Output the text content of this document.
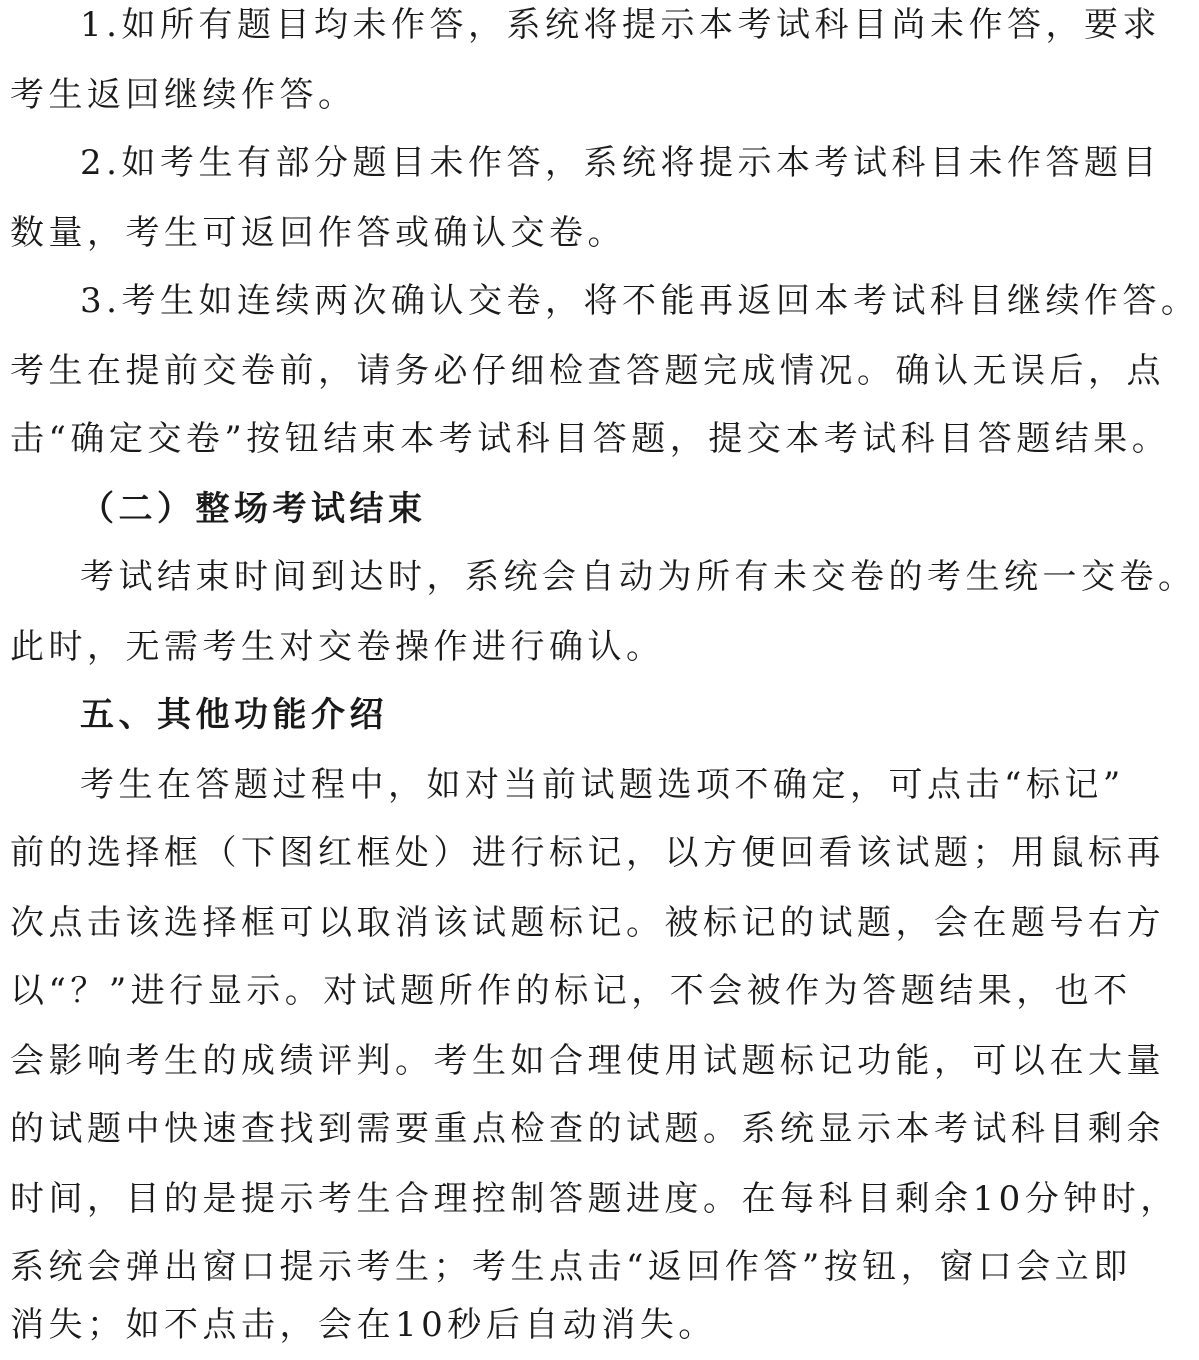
1.如所有题目均未作答，系统将提示本考试科目尚未作答，要求
考生返回继续作答。
2.如考生有部分题目未作答，系统将提示本考试科目未作答题目
数量，考生可返回作答或确认交卷。
3.考生如连续两次确认交卷，将不能再返回本考试科目继续作答。
考生在提前交卷前，请务必仔细检查答题完成情况。确认无误后，点
击“确定交卷”按钮结束本考试科目答题，提交本考试科目答题结果。
（二）整场考试结束
考试结束时间到达时，系统会自动为所有未交卷的考生统一交卷。
此时，无需考生对交卷操作进行确认。
五、其他功能介绍
考生在答题过程中，如对当前试题选项不确定，可点击“标记”
前的选择框（下图红框处）进行标记，以方便回看该试题；用鼠标再
次点击该选择框可以取消该试题标记。被标记的试题，会在题号右方
以“？”进行显示。对试题所作的标记，不会被作为答题结果，也不
会影响考生的成绩评判。考生如合理使用试题标记功能，可以在大量
的试题中快速查找到需要重点检查的试题。系统显示本考试科目剩余
时间，目的是提示考生合理控制答题进度。在每科目剩余10分钟时，
系统会弹出窗口提示考生；考生点击“返回作答”按钮，窗口会立即
消失；如不点击，会在10秒后自动消失。
